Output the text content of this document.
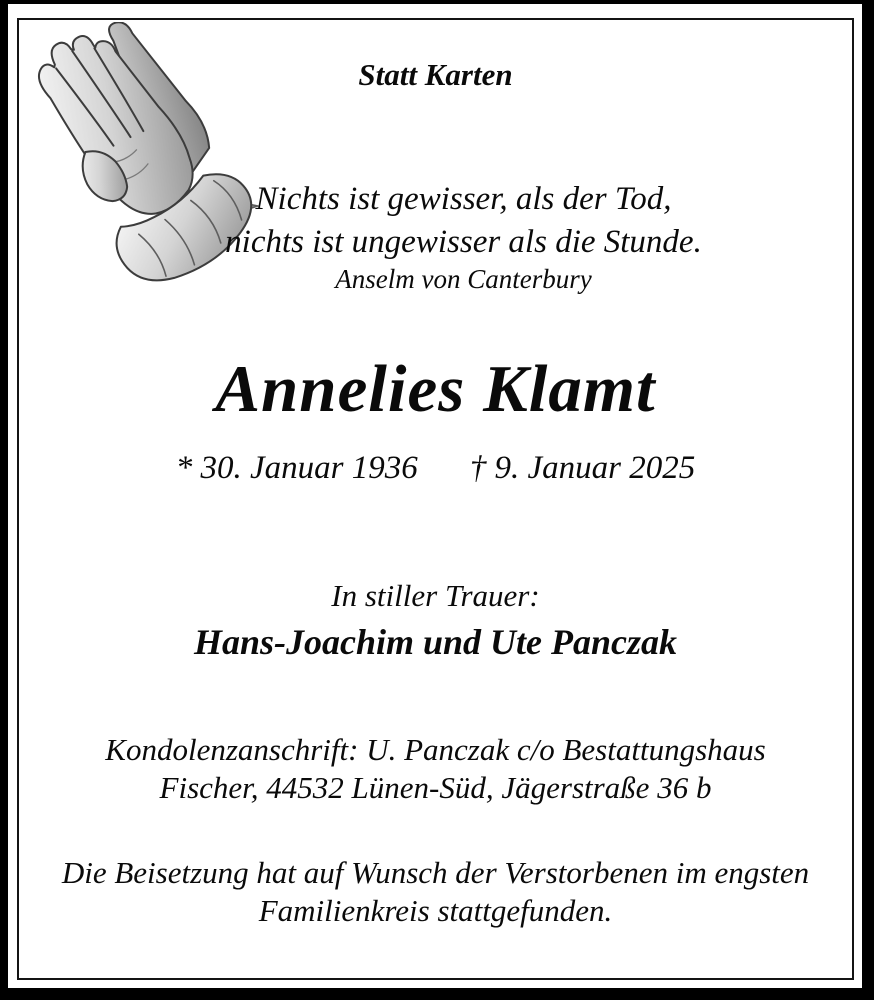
Statt Karten
Nichts ist gewisser, als der Tod,
nichts ist ungewisser als die Stunde.
Anselm von Canterbury
Annelies Klamt
* 30. Januar 1936 † 9. Januar 2025
In stiller Trauer:
Hans-Joachim und Ute Panczak
Kondolenzanschrift: U. Panczak c/o Bestattungshaus
Fischer, 44532 Lünen-Süd, Jägerstraße 36 b
Die Beisetzung hat auf Wunsch der Verstorbenen im engsten
Familienkreis stattgefunden.
